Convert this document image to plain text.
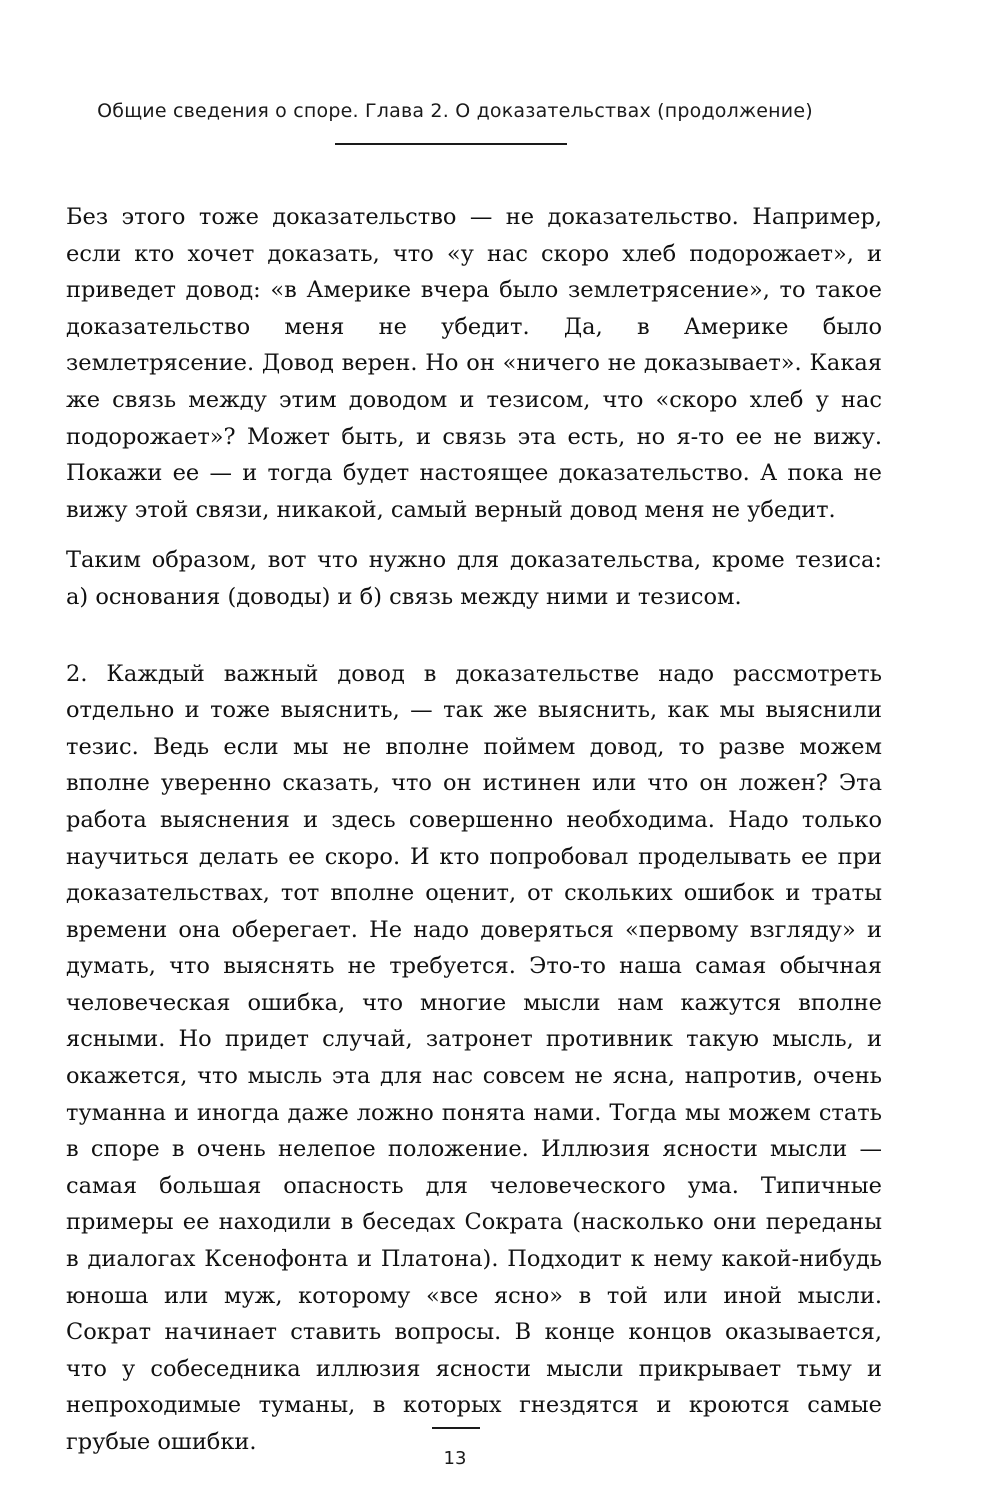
Общие сведения о споре. Глава 2. О доказательствах (продолжение)

Без этого тоже доказательство — не доказательство. Например, если кто хочет доказать, что «у нас скоро хлеб подорожает», и приведет довод: «в Америке вчера было землетрясение», то такое доказательство меня не убедит. Да, в Америке было землетрясение. Довод верен. Но он «ничего не доказывает». Какая же связь между этим доводом и тезисом, что «скоро хлеб у нас подорожает»? Может быть, и связь эта есть, но я-то ее не вижу. Покажи ее — и тогда будет настоящее доказательство. А пока не вижу этой связи, никакой, самый верный довод меня не убедит.

Таким образом, вот что нужно для доказательства, кроме тезиса: а) основания (доводы) и б) связь между ними и тезисом.

2. Каждый важный довод в доказательстве надо рассмотреть отдельно и тоже выяснить, — так же выяснить, как мы выяснили тезис. Ведь если мы не вполне поймем довод, то разве можем вполне уверенно сказать, что он истинен или что он ложен? Эта работа выяснения и здесь совершенно необходима. Надо только научиться делать ее скоро. И кто попробовал проделывать ее при доказательствах, тот вполне оценит, от скольких ошибок и траты времени она оберегает. Не надо доверяться «первому взгляду» и думать, что выяснять не требуется. Это-то наша самая обычная человеческая ошибка, что многие мысли нам кажутся вполне ясными. Но придет случай, затронет противник такую мысль, и окажется, что мысль эта для нас совсем не ясна, напротив, очень туманна и иногда даже ложно понята нами. Тогда мы можем стать в споре в очень нелепое положение. Иллюзия ясности мысли — самая большая опасность для человеческого ума. Типичные примеры ее находили в беседах Сократа (насколько они переданы в диалогах Ксенофонта и Платона). Подходит к нему какой-нибудь юноша или муж, которому «все ясно» в той или иной мысли. Сократ начинает ставить вопросы. В конце концов оказывается, что у собеседника иллюзия ясности мысли прикрывает тьму и непроходимые туманы, в которых гнездятся и кроются самые грубые ошибки.

13
